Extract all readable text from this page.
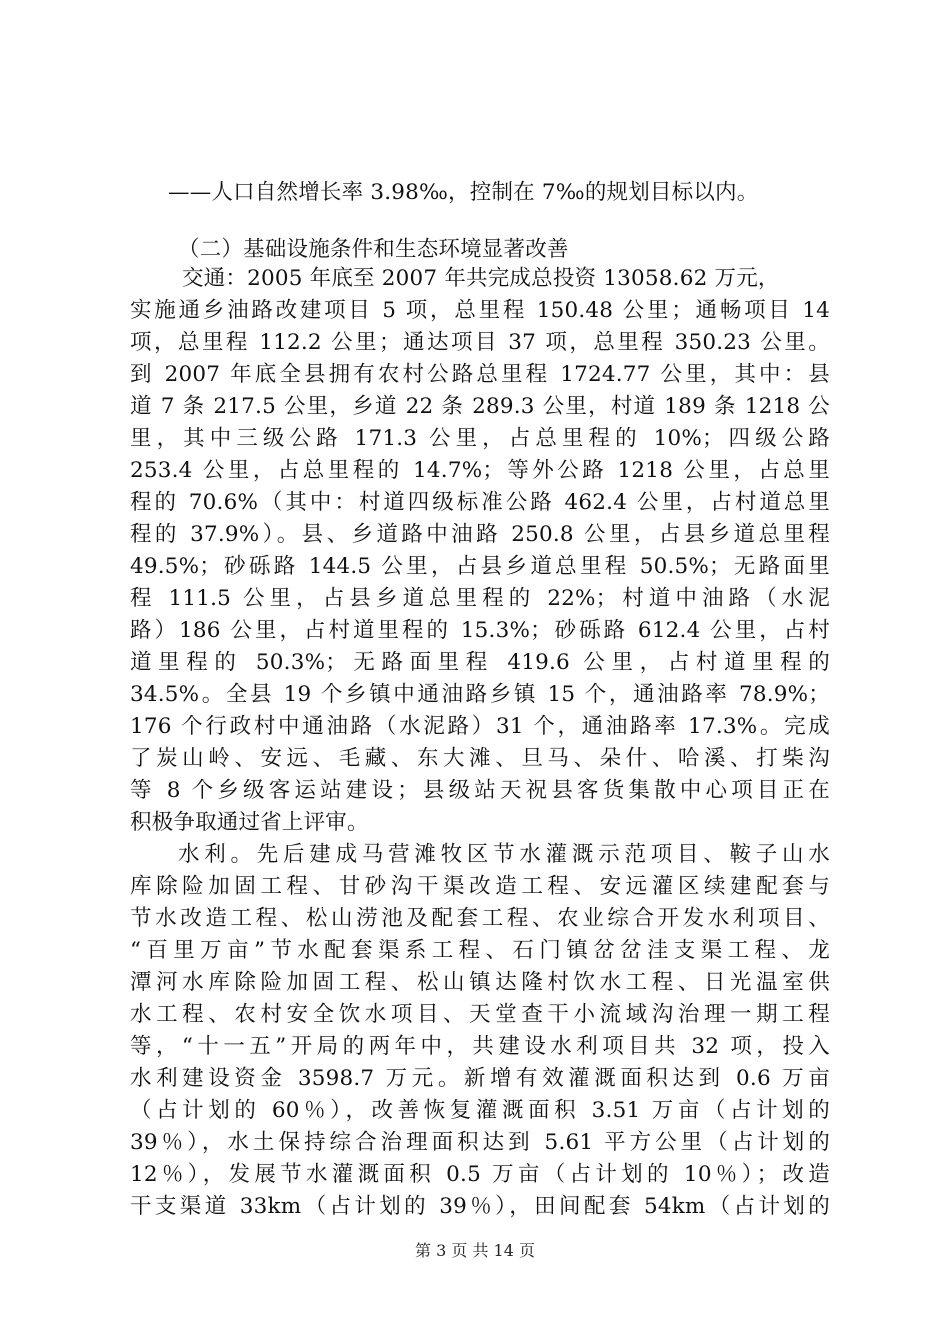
——人口自然增长率 3.98‰，控制在 7‰的规划目标以内。
（二）基础设施条件和生态环境显著改善
交通：2005 年底至 2007 年共完成总投资 13058.62 万元，
实施通乡油路改建项目 5 项，总里程 150.48 公里；通畅项目 14
项，总里程 112.2 公里；通达项目 37 项，总里程 350.23 公里。
到 2007 年底全县拥有农村公路总里程 1724.77 公里，其中：县
道 7 条 217.5 公里，乡道 22 条 289.3 公里，村道 189 条 1218 公
里，其中三级公路 171.3 公里，占总里程的 10%；四级公路
253.4 公里，占总里程的 14.7%；等外公路 1218 公里，占总里
程的 70.6%（其中：村道四级标准公路 462.4 公里，占村道总里
程的 37.9%）。县、乡道路中油路 250.8 公里，占县乡道总里程
49.5%；砂砾路 144.5 公里，占县乡道总里程 50.5%；无路面里
程 111.5 公里，占县乡道总里程的 22%；村道中油路（水泥
路）186 公里，占村道里程的 15.3%；砂砾路 612.4 公里，占村
道里程的 50.3%；无路面里程 419.6 公里，占村道里程的
34.5%。全县 19 个乡镇中通油路乡镇 15 个，通油路率 78.9%；
176 个行政村中通油路（水泥路）31 个，通油路率 17.3%。完成
了炭山岭、安远、毛藏、东大滩、旦马、朵什、哈溪、打柴沟
等 8 个乡级客运站建设；县级站天祝县客货集散中心项目正在
积极争取通过省上评审。
水利。先后建成马营滩牧区节水灌溉示范项目、鞍子山水
库除险加固工程、甘砂沟干渠改造工程、安远灌区续建配套与
节水改造工程、松山涝池及配套工程、农业综合开发水利项目、
“百里万亩”节水配套渠系工程、石门镇岔岔洼支渠工程、龙
潭河水库除险加固工程、松山镇达隆村饮水工程、日光温室供
水工程、农村安全饮水项目、天堂查干小流域沟治理一期工程
等，“十一五”开局的两年中，共建设水利项目共 32 项，投入
水利建设资金 3598.7 万元。新增有效灌溉面积达到 0.6 万亩
（占计划的 60％），改善恢复灌溉面积 3.51 万亩（占计划的
39％），水土保持综合治理面积达到 5.61 平方公里（占计划的
12％），发展节水灌溉面积 0.5 万亩（占计划的 10％）；改造
干支渠道 33km（占计划的 39％），田间配套 54km（占计划的
第 3 页 共 14 页
